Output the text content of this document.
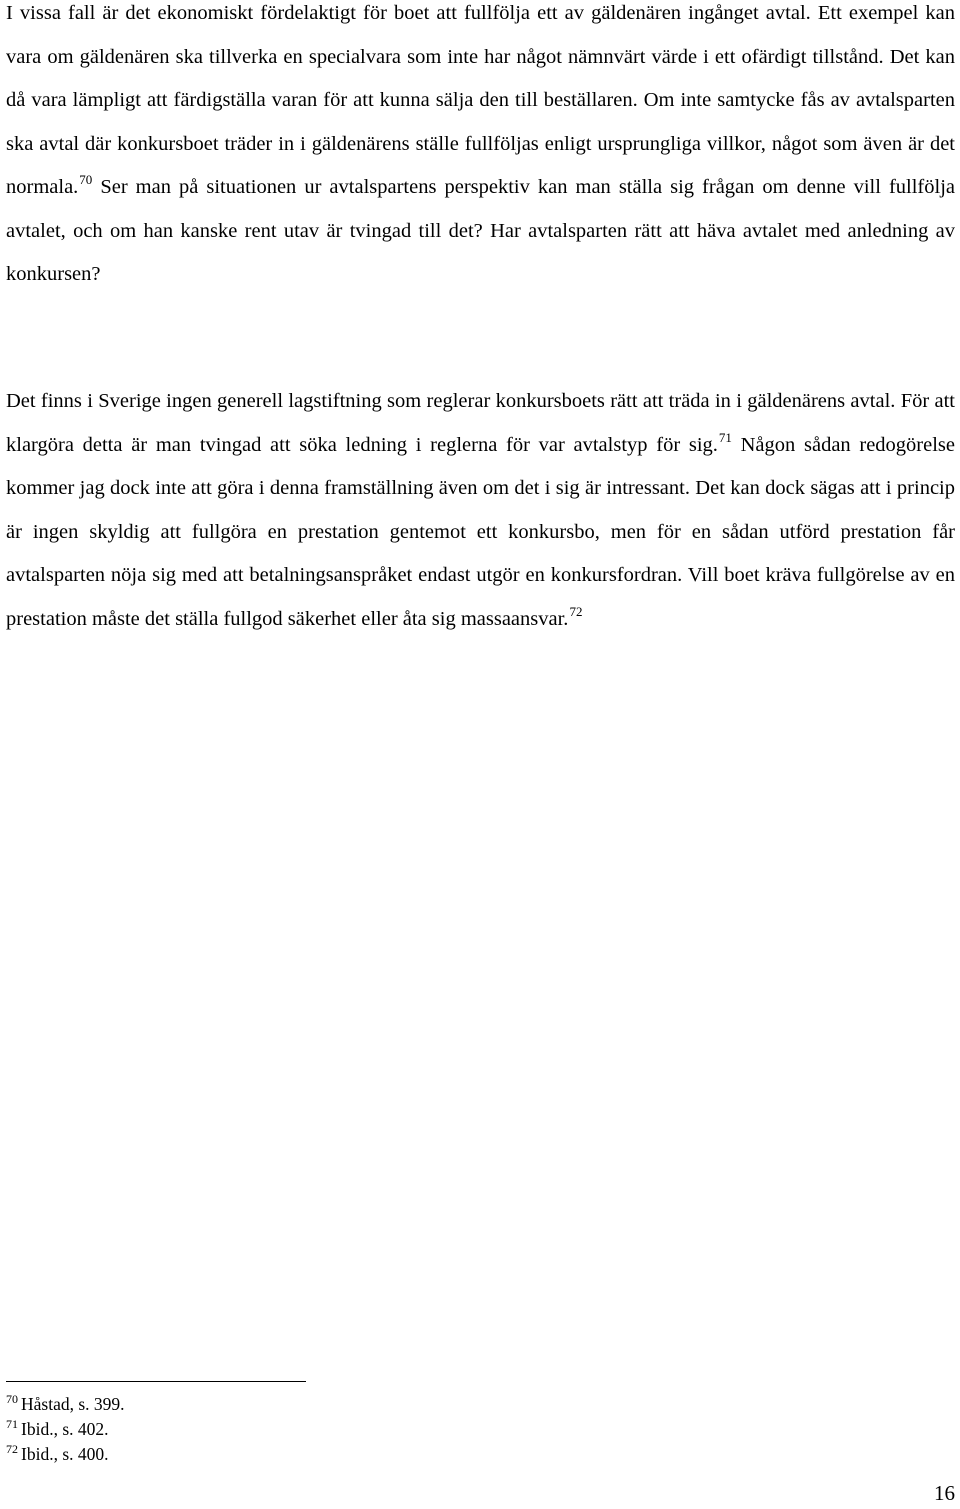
I vissa fall är det ekonomiskt fördelaktigt för boet att fullfölja ett av gäldenären ingånget avtal. Ett exempel kan vara om gäldenären ska tillverka en specialvara som inte har något nämnvärt värde i ett ofärdigt tillstånd. Det kan då vara lämpligt att färdigställa varan för att kunna sälja den till beställaren. Om inte samtycke fås av avtalsparten ska avtal där konkursboet träder in i gäldenärens ställe fullföljas enligt ursprungliga villkor, något som även är det normala.$^{70}$ Ser man på situationen ur avtalspartens perspektiv kan man ställa sig frågan om denne vill fullfölja avtalet, och om han kanske rent utav är tvingad till det? Har avtalsparten rätt att häva avtalet med anledning av konkursen?

Det finns i Sverige ingen generell lagstiftning som reglerar konkursboets rätt att träda in i gäldenärens avtal. För att klargöra detta är man tvingad att söka ledning i reglerna för var avtalstyp för sig.$^{71}$ Någon sådan redogörelse kommer jag dock inte att göra i denna framställning även om det i sig är intressant. Det kan dock sägas att i princip är ingen skyldig att fullgöra en prestation gentemot ett konkursbo, men för en sådan utförd prestation får avtalsparten nöja sig med att betalningsanspråket endast utgör en konkursfordran. Vill boet kräva fullgörelse av en prestation måste det ställa fullgod säkerhet eller åta sig massaansvar.$^{72}$

$^{70}$ Håstad, s. 399.
$^{71}$ Ibid., s. 402.
$^{72}$ Ibid., s. 400.
16
